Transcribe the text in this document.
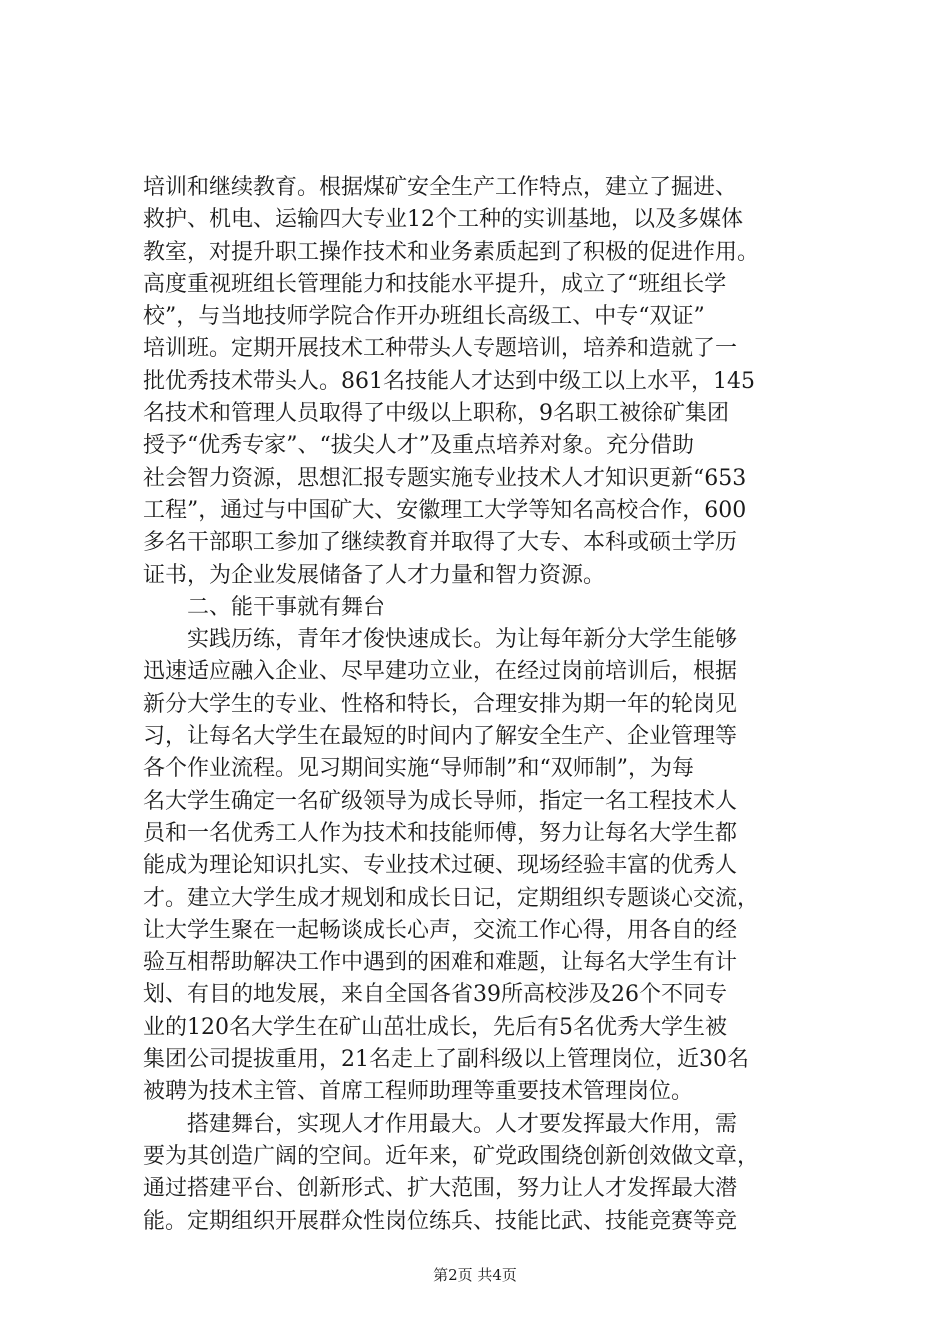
培训和继续教育。根据煤矿安全生产工作特点，建立了掘进、
救护、机电、运输四大专业12个工种的实训基地，以及多媒体
教室，对提升职工操作技术和业务素质起到了积极的促进作用。
高度重视班组长管理能力和技能水平提升，成立了“班组长学
校”，与当地技师学院合作开办班组长高级工、中专“双证”
培训班。定期开展技术工种带头人专题培训，培养和造就了一
批优秀技术带头人。861名技能人才达到中级工以上水平，145
名技术和管理人员取得了中级以上职称，9名职工被徐矿集团
授予“优秀专家”、“拔尖人才”及重点培养对象。充分借助
社会智力资源，思想汇报专题实施专业技术人才知识更新“653
工程”，通过与中国矿大、安徽理工大学等知名高校合作，600
多名干部职工参加了继续教育并取得了大专、本科或硕士学历
证书，为企业发展储备了人才力量和智力资源。
　　二、能干事就有舞台
　　实践历练，青年才俊快速成长。为让每年新分大学生能够
迅速适应融入企业、尽早建功立业，在经过岗前培训后，根据
新分大学生的专业、性格和特长，合理安排为期一年的轮岗见
习，让每名大学生在最短的时间内了解安全生产、企业管理等
各个作业流程。见习期间实施“导师制”和“双师制”，为每
名大学生确定一名矿级领导为成长导师，指定一名工程技术人
员和一名优秀工人作为技术和技能师傅，努力让每名大学生都
能成为理论知识扎实、专业技术过硬、现场经验丰富的优秀人
才。建立大学生成才规划和成长日记，定期组织专题谈心交流，
让大学生聚在一起畅谈成长心声，交流工作心得，用各自的经
验互相帮助解决工作中遇到的困难和难题，让每名大学生有计
划、有目的地发展，来自全国各省39所高校涉及26个不同专
业的120名大学生在矿山茁壮成长，先后有5名优秀大学生被
集团公司提拔重用，21名走上了副科级以上管理岗位，近30名
被聘为技术主管、首席工程师助理等重要技术管理岗位。
　　搭建舞台，实现人才作用最大。人才要发挥最大作用，需
要为其创造广阔的空间。近年来，矿党政围绕创新创效做文章，
通过搭建平台、创新形式、扩大范围，努力让人才发挥最大潜
能。定期组织开展群众性岗位练兵、技能比武、技能竞赛等竞
第2页 共4页
